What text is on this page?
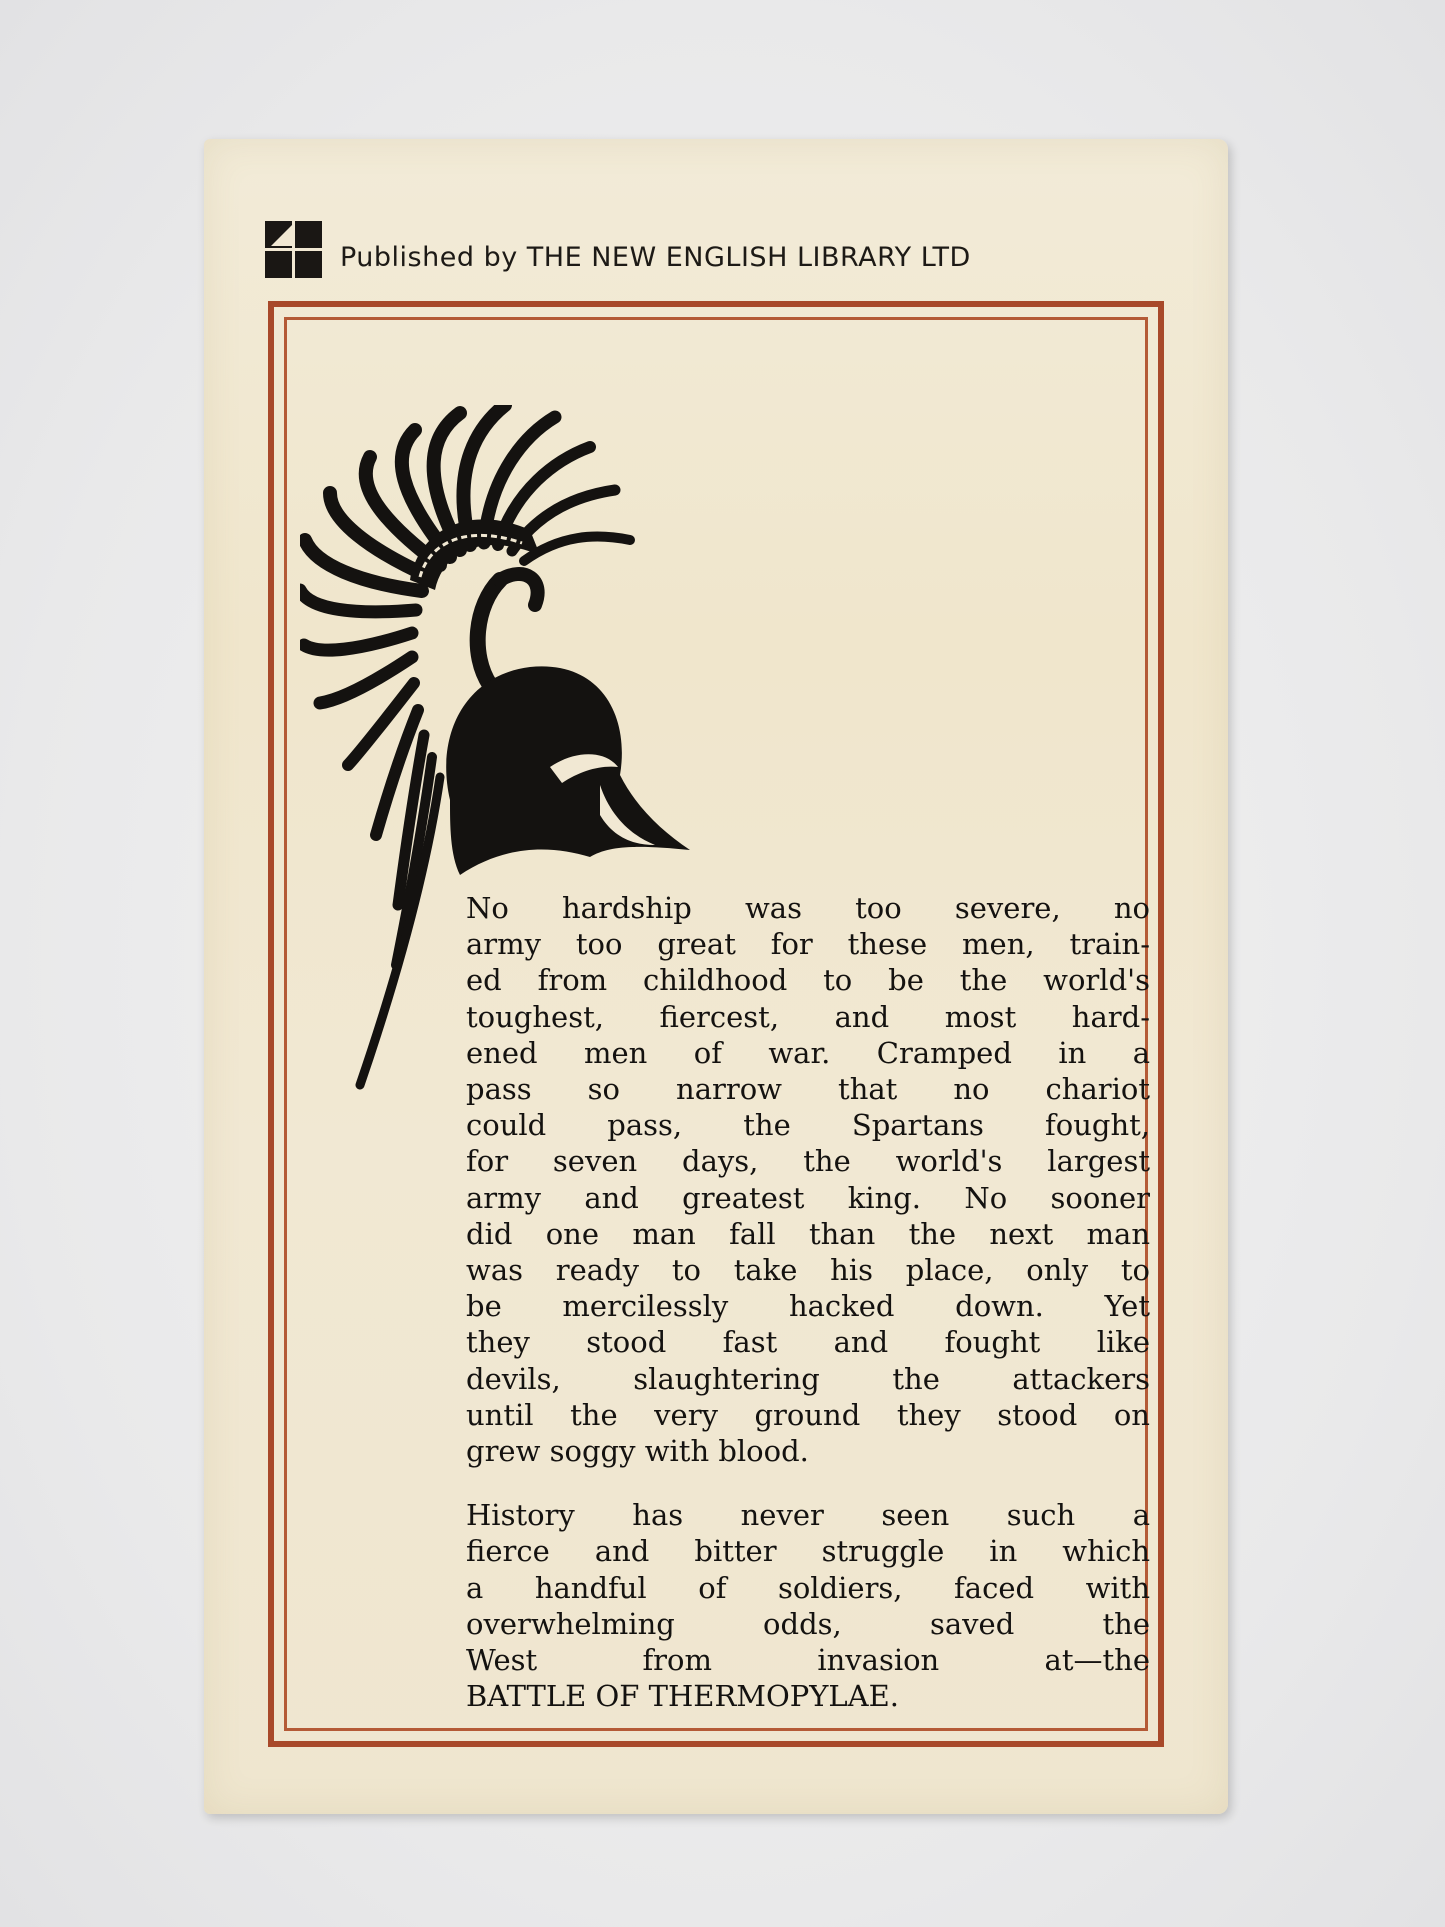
Published by THE NEW ENGLISH LIBRARY LTD

No hardship was too severe, no
army too great for these men, train-
ed from childhood to be the world's
toughest, fiercest, and most hard-
ened men of war. Cramped in a
pass so narrow that no chariot
could pass, the Spartans fought,
for seven days, the world's largest
army and greatest king. No sooner
did one man fall than the next man
was ready to take his place, only to
be mercilessly hacked down. Yet
they stood fast and fought like
devils, slaughtering the attackers
until the very ground they stood on
grew soggy with blood.

History has never seen such a
fierce and bitter struggle in which
a handful of soldiers, faced with
overwhelming odds, saved the
West from invasion at—the
BATTLE OF THERMOPYLAE.
